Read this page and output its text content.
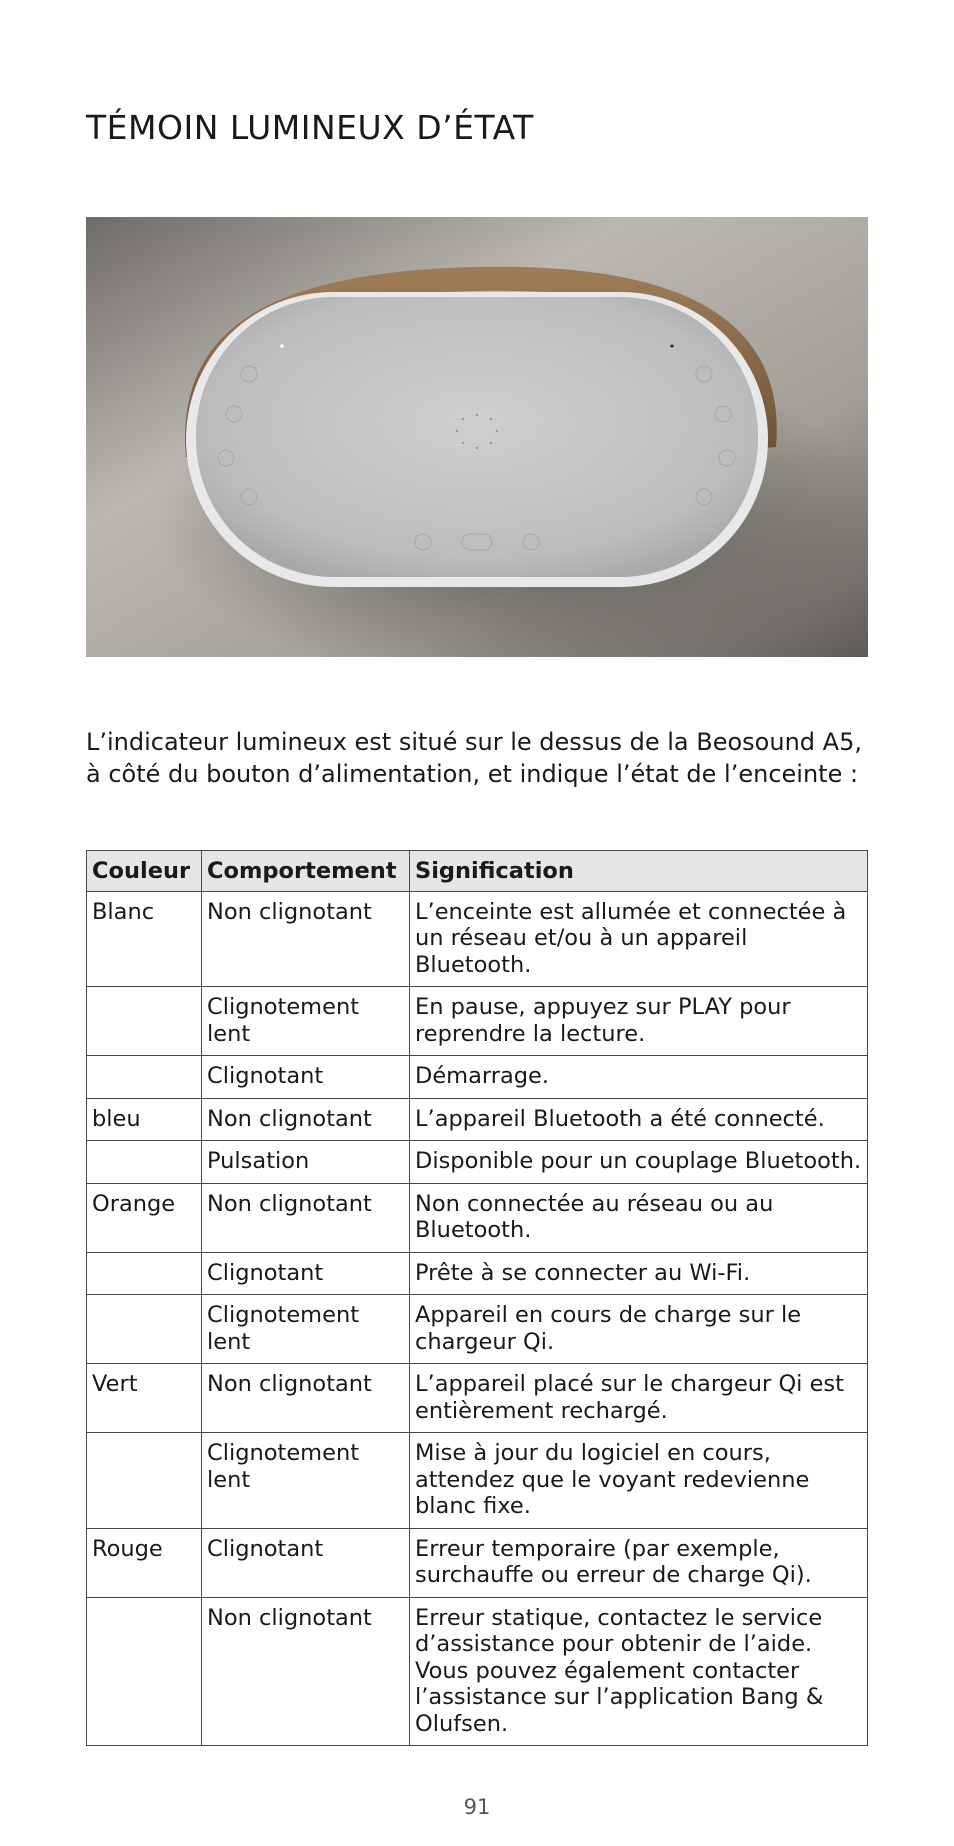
TÉMOIN LUMINEUX D’ÉTAT

L’indicateur lumineux est situé sur le dessus de la Beosound A5, à côté du bouton d’alimentation, et indique l’état de l’enceinte :

Couleur	Comportement	Signification
Blanc	Non clignotant	L’enceinte est allumée et connectée à un réseau et/ou à un appareil Bluetooth.
	Clignotement lent	En pause, appuyez sur PLAY pour reprendre la lecture.
	Clignotant	Démarrage.
bleu	Non clignotant	L’appareil Bluetooth a été connecté.
	Pulsation	Disponible pour un couplage Bluetooth.
Orange	Non clignotant	Non connectée au réseau ou au Bluetooth.
	Clignotant	Prête à se connecter au Wi-Fi.
	Clignotement lent	Appareil en cours de charge sur le chargeur Qi.
Vert	Non clignotant	L’appareil placé sur le chargeur Qi est entièrement rechargé.
	Clignotement lent	Mise à jour du logiciel en cours, attendez que le voyant redevienne blanc fixe.
Rouge	Clignotant	Erreur temporaire (par exemple, surchauffe ou erreur de charge Qi).
	Non clignotant	Erreur statique, contactez le service d’assistance pour obtenir de l’aide. Vous pouvez également contacter l’assistance sur l’application Bang & Olufsen.
91
